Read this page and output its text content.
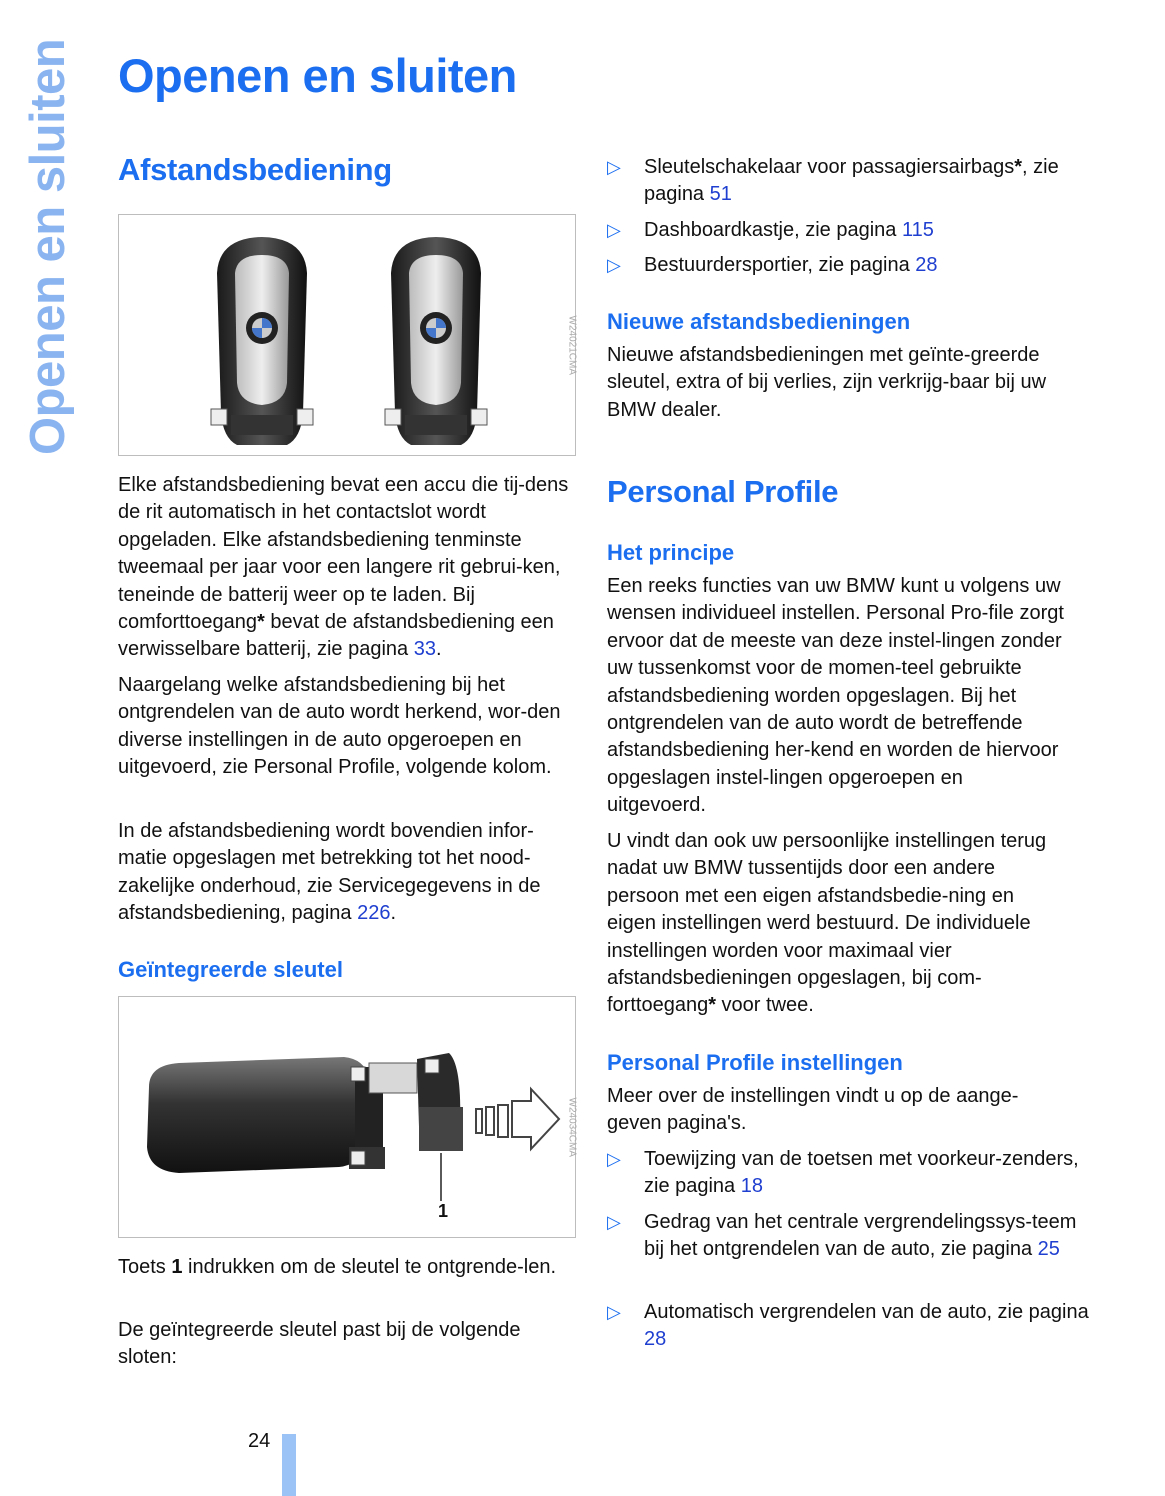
Openen en sluiten Openen en sluiten
Afstandsbediening
W24021CMA

Elke afstandsbediening bevat een accu die tij-dens de rit automatisch in het contactslot wordt opgeladen. Elke afstandsbediening tenminste tweemaal per jaar voor een langere rit gebrui-ken, teneinde de batterij weer op te laden. Bij comforttoegang* bevat de afstandsbediening een verwisselbare batterij, zie pagina 33.

Naargelang welke afstandsbediening bij het ontgrendelen van de auto wordt herkend, wor-den diverse instellingen in de auto opgeroepen en uitgevoerd, zie Personal Profile, volgende kolom.

In de afstandsbediening wordt bovendien infor-matie opgeslagen met betrekking tot het nood-zakelijke onderhoud, zie Servicegegevens in de afstandsbediening, pagina 226.

Geïntegreerde sleutel
1
W24034CMA

Toets 1 indrukken om de sleutel te ontgrende-len.

De geïntegreerde sleutel past bij de volgende sloten:

▷ Sleutelschakelaar voor passagiersairbags*, zie pagina 51

▷ Dashboardkastje, zie pagina 115

▷ Bestuurdersportier, zie pagina 28

Nieuwe afstandsbedieningen

Nieuwe afstandsbedieningen met geïnte-greerde sleutel, extra of bij verlies, zijn verkrijg-baar bij uw BMW dealer.

Personal Profile
Het principe

Een reeks functies van uw BMW kunt u volgens uw wensen individueel instellen. Personal Pro-file zorgt ervoor dat de meeste van deze instel-lingen zonder uw tussenkomst voor de momen-teel gebruikte afstandsbediening worden opgeslagen. Bij het ontgrendelen van de auto wordt de betreffende afstandsbediening her-kend en worden de hiervoor opgeslagen instel-lingen opgeroepen en uitgevoerd.

U vindt dan ook uw persoonlijke instellingen terug nadat uw BMW tussentijds door een andere persoon met een eigen afstandsbedie-ning en eigen instellingen werd bestuurd. De individuele instellingen worden voor maximaal vier afstandsbedieningen opgeslagen, bij com-forttoegang* voor twee.

Personal Profile instellingen

Meer over de instellingen vindt u op de aange-geven pagina's.

▷ Toewijzing van de toetsen met voorkeur-zenders, zie pagina 18

▷ Gedrag van het centrale vergrendelingssys-teem bij het ontgrendelen van de auto, zie pagina 25

▷ Automatisch vergrendelen van de auto, zie pagina 28

24
